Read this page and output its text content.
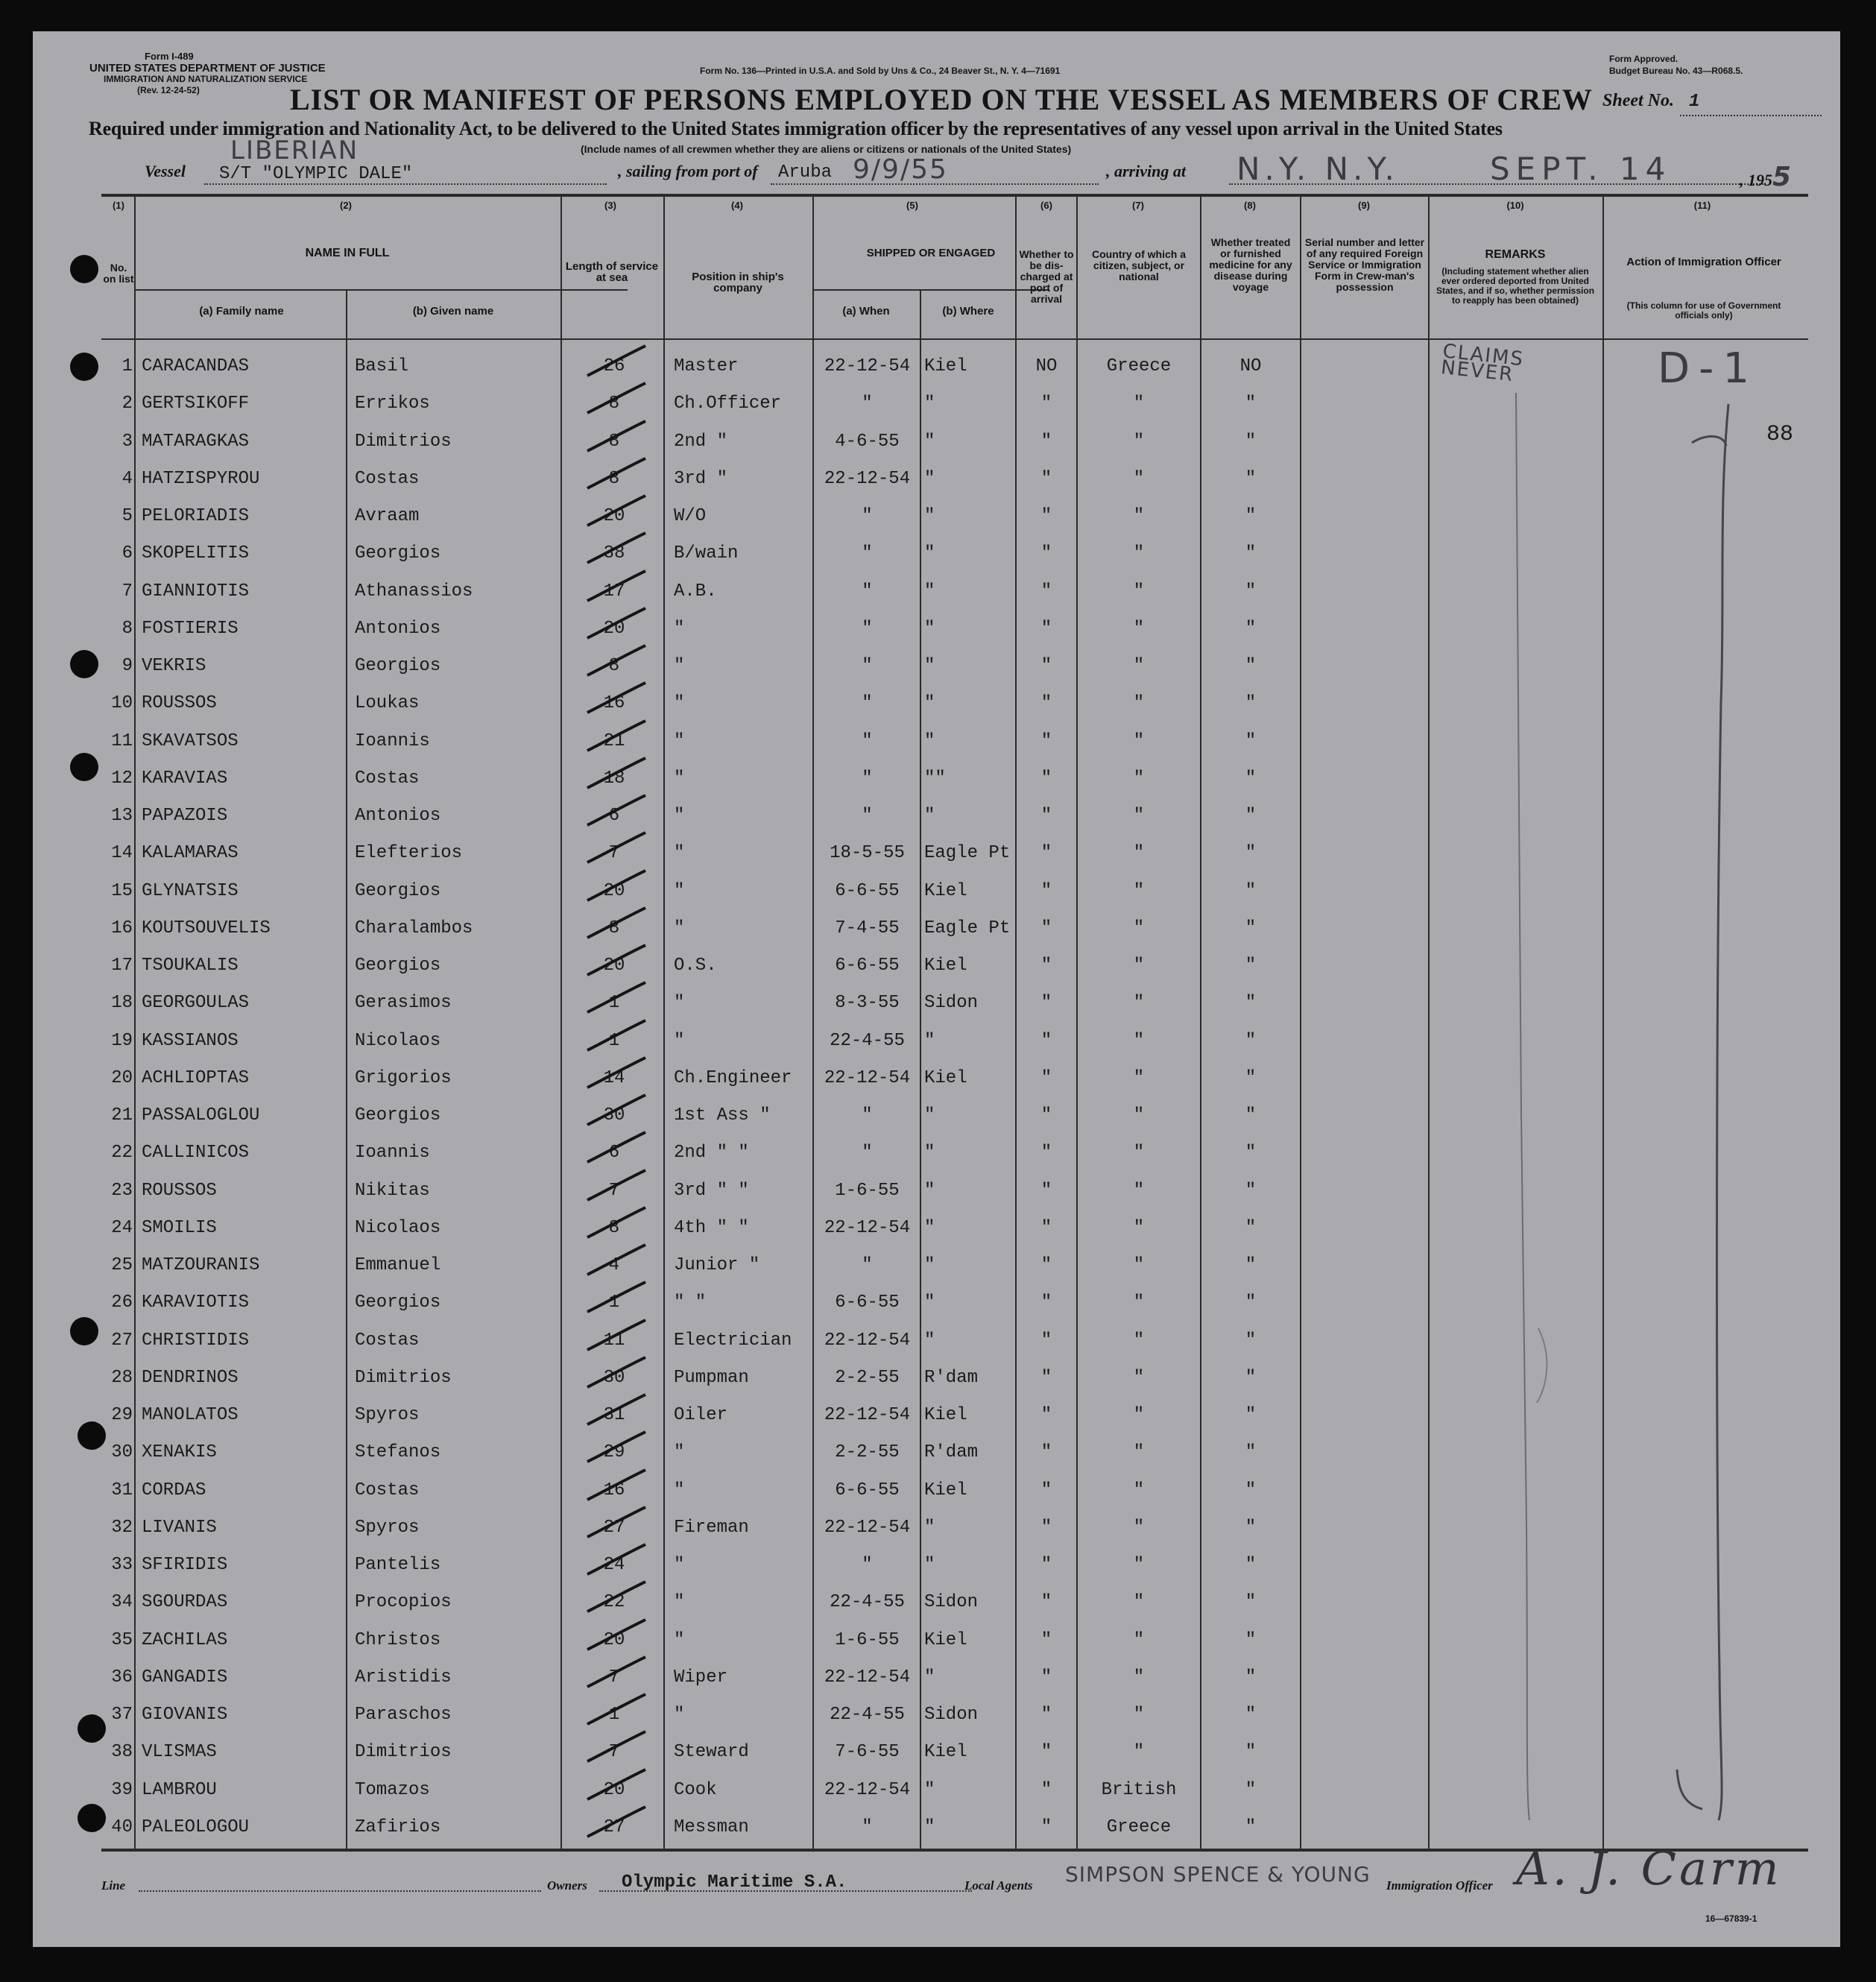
Form I-489
UNITED STATES DEPARTMENT OF JUSTICE
IMMIGRATION AND NATURALIZATION SERVICE
(Rev. 12-24-52)
Form No. 136—Printed in U.S.A. and Sold by Uns & Co., 24 Beaver St., N. Y. 4—71691
Form Approved.
Budget Bureau No. 43—R068.5.
LIST OR MANIFEST OF PERSONS EMPLOYED ON THE VESSEL AS MEMBERS OF CREW Sheet No. 1
Required under immigration and Nationality Act, to be delivered to the United States immigration officer by the representatives of any vessel upon arrival in the United States
(Include names of all crewmen whether they are aliens or citizens or nationals of the United States)
Vessel
LIBERIAN
S/T "OLYMPIC DALE"	, sailing from port of Aruba 9/9/55	, arriving at N.Y. N.Y.	SEPT. 14	, 1955
(1)	(2)	(3)	(4)	(5)	(6)	(7)	(8)	(9)	(10)	(11)
No. on list
NAME IN FULL
(a) Family name	(b) Given name
Length of service at sea	Position in ship's company
SHIPPED OR ENGAGED
(a) When	(b) Where
Whether to be dis-charged at port of arrival
Country of which a citizen, subject, or national
Whether treated or furnished medicine for any disease during voyage
Serial number and letter of any required Foreign Service or Immigration Form in Crew-man's possession
REMARKS
(Including statement whether alien ever ordered deported from United States, and if so, whether permission to reapply has been obtained)
Action of Immigration Officer
(This column for use of Government officials only)
1 CARACANDAS	Basil	26	Master	22-12-54 Kiel	NO	Greece	NO
2 GERTSIKOFF	Errikos	8	Ch.Officer	"	"	"	"	"
3 MATARAGKAS	Dimitrios	8	2nd "	4-6-55	"	"	"	"
4 HATZISPYROU	Costas	8	3rd "	22-12-54 "	"	"	"
5 PELORIADIS	Avraam	20	W/O	"	"	"	"	"
6 SKOPELITIS	Georgios	38	B/wain	"	"	"	"	"
7 GIANNIOTIS	Athanassios	17	A.B.	"	"	"	"	"
8 FOSTIERIS	Antonios	20	"	"	"	"	"	"
9 VEKRIS	Georgios	8	"	"	"	"	"	"
10 ROUSSOS	Loukas	16	"	"	"	"	"	"
11 SKAVATSOS	Ioannis	21	"	"	"	"	"	"
12 KARAVIAS	Costas	18	"	"	""	"	"	"
13 PAPAZOIS	Antonios	6	"	"	"	"	"	"
14 KALAMARAS	Elefterios	7	"	18-5-55	Eagle Pt	"	"	"
15 GLYNATSIS	Georgios	20	"	6-6-55	Kiel	"	"	"
16 KOUTSOUVELIS	Charalambos	8	"	7-4-55	Eagle Pt	"	"	"
17 TSOUKALIS	Georgios	20	O.S.	6-6-55	Kiel	"	"	"
18 GEORGOULAS	Gerasimos	1	"	8-3-55	Sidon	"	"	"
19 KASSIANOS	Nicolaos	1	"	22-4-55	"	"	"	"
20 ACHLIOPTAS	Grigorios	14	Ch.Engineer	22-12-54 Kiel	"	"	"
21 PASSALOGLOU	Georgios	30	1st Ass "	"	"	"	"	"
22 CALLINICOS	Ioannis	6	2nd " "	"	"	"	"	"
23 ROUSSOS	Nikitas	7	3rd " "	1-6-55	"	"	"	"
24 SMOILIS	Nicolaos	8	4th " "	22-12-54 "	"	"	"
25 MATZOURANIS	Emmanuel	4	Junior "	"	"	"	"	"
26 KARAVIOTIS	Georgios	1	" "	6-6-55	"	"	"	"
27 CHRISTIDIS	Costas	11	Electrician	22-12-54 "	"	"	"
28 DENDRINOS	Dimitrios	30	Pumpman	2-2-55	R'dam	"	"	"
29 MANOLATOS	Spyros	31	Oiler	22-12-54 Kiel	"	"	"
30 XENAKIS	Stefanos	29	"	2-2-55	R'dam	"	"	"
31 CORDAS	Costas	16	"	6-6-55	Kiel	"	"	"
32 LIVANIS	Spyros	27	Fireman	22-12-54 "	"	"	"
33 SFIRIDIS	Pantelis	24	"	"	"	"	"	"
34 SGOURDAS	Procopios	22	"	22-4-55	Sidon	"	"	"
35 ZACHILAS	Christos	20	"	1-6-55	Kiel	"	"	"
36 GANGADIS	Aristidis	7	Wiper	22-12-54 "	"	"	"
37 GIOVANIS	Paraschos	1	"	22-4-55	Sidon	"	"	"
38 VLISMAS	Dimitrios	7	Steward	7-6-55	Kiel	"	"	"
39 LAMBROU	Tomazos	20	Cook	22-12-54 "	"	British	"
40 PALEOLOGOU	Zafirios	27	Messman	"	"	"	Greece	"
CLAIMS NEVER	D-1
88
Line	Owners Olympic Maritime S.A.	Local Agents SIMPSON SPENCE & YOUNG Immigration Officer A. J. Carm
16—67839-1
